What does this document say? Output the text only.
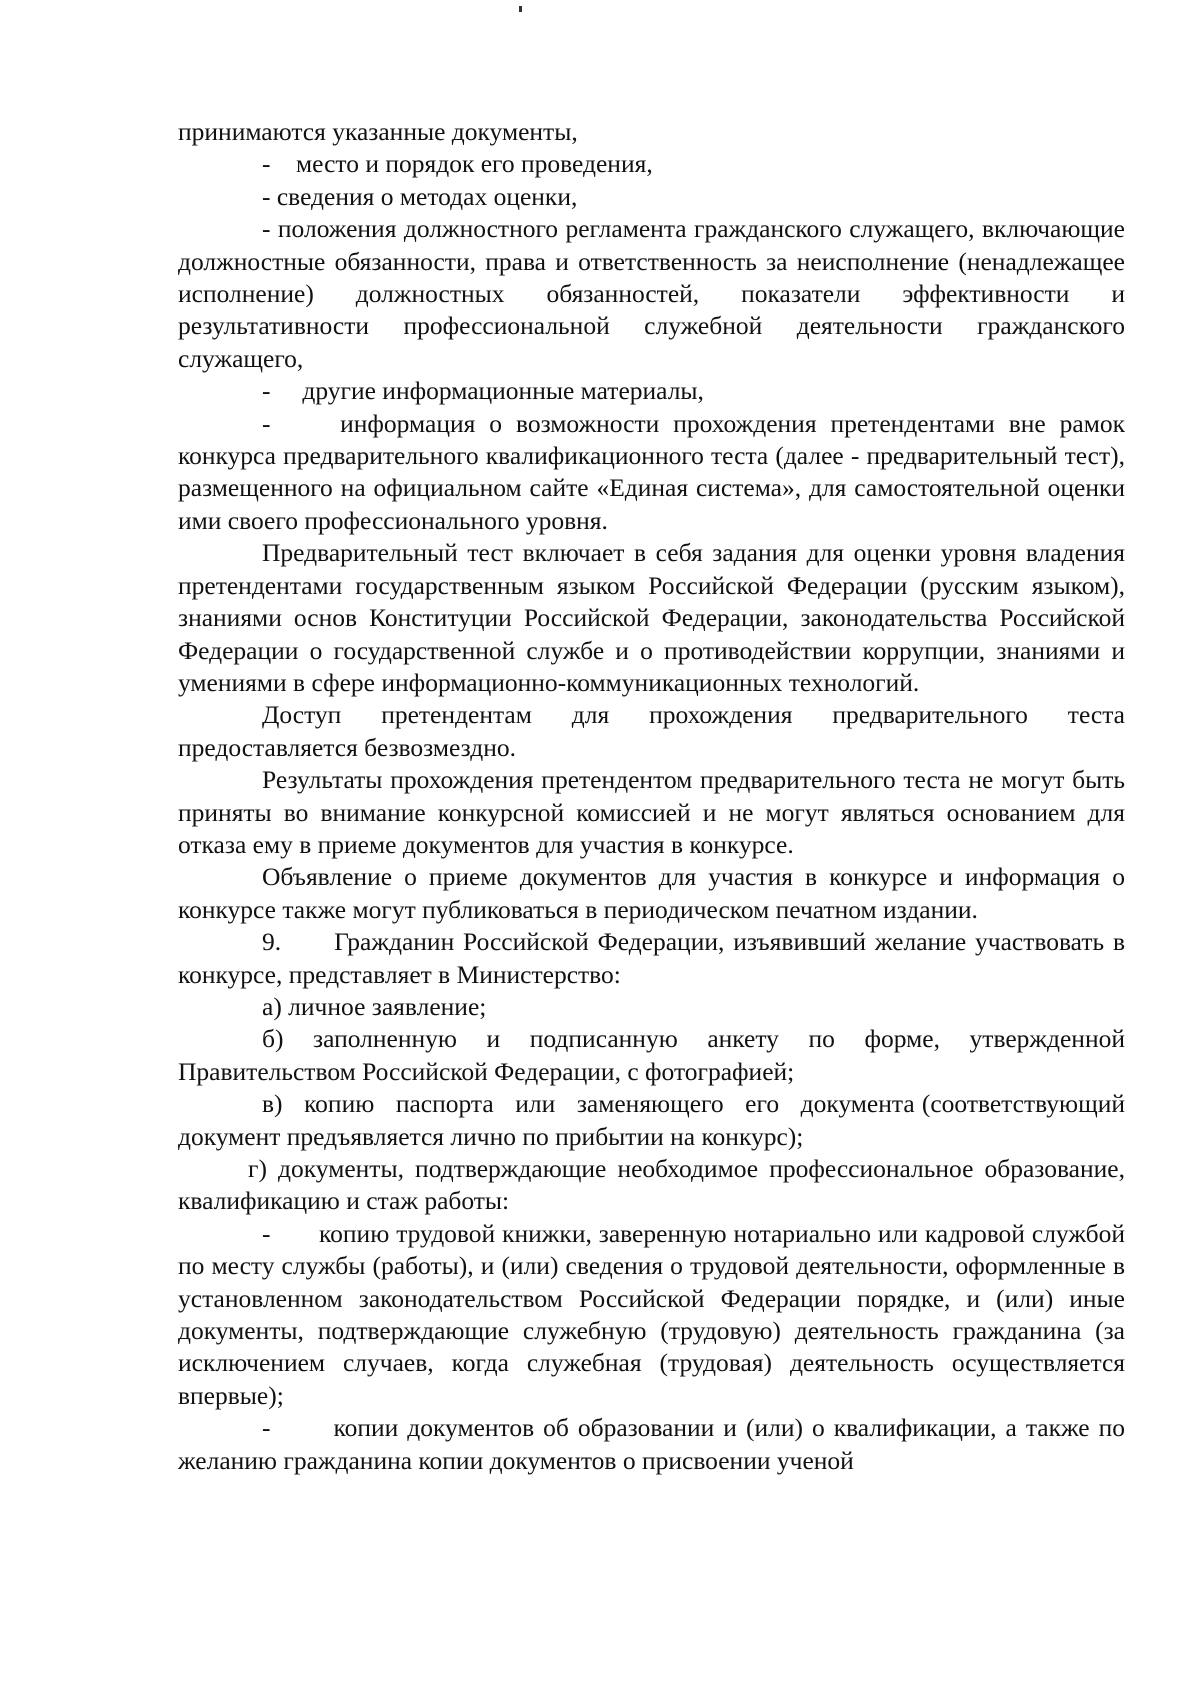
принимаются указанные документы,

-    место и порядок его проведения,

- сведения о методах оценки,

- положения должностного регламента гражданского служащего, включающие должностные обязанности, права и ответственность за неисполнение (ненадлежащее исполнение) должностных обязанностей, показатели эффективности и результативности профессиональной служебной деятельности гражданского служащего,

-     другие информационные материалы,

-     информация о возможности прохождения претендентами вне рамок конкурса предварительного квалификационного теста (далее - предварительный тест), размещенного на официальном сайте «Единая система», для самостоятельной оценки ими своего профессионального уровня.

Предварительный тест включает в себя задания для оценки уровня владения претендентами государственным языком Российской Федерации (русским языком), знаниями основ Конституции Российской Федерации, законодательства Российской Федерации о государственной службе и о противодействии коррупции, знаниями и умениями в сфере информационно-коммуникационных технологий.

Доступ претендентам для прохождения предварительного теста предоставляется безвозмездно.

Результаты прохождения претендентом предварительного теста не могут быть приняты во внимание конкурсной комиссией и не могут являться основанием для отказа ему в приеме документов для участия в конкурсе.

Объявление о приеме документов для участия в конкурсе и информация о конкурсе также могут публиковаться в периодическом печатном издании.

9.      Гражданин Российской Федерации, изъявивший желание участвовать в конкурсе, представляет в Министерство:

а) личное заявление;

б) заполненную и подписанную анкету по форме, утвержденной Правительством Российской Федерации, с фотографией;

в)   копию   паспорта   или   заменяющего   его   документа (соответствующий документ предъявляется лично по прибытии на конкурс);

г) документы, подтверждающие необходимое профессиональное образование, квалификацию и стаж работы:

-       копию трудовой книжки, заверенную нотариально или кадровой службой по месту службы (работы), и (или) сведения о трудовой деятельности, оформленные в установленном законодательством Российской Федерации порядке, и (или) иные документы, подтверждающие служебную (трудовую) деятельность гражданина (за исключением случаев, когда служебная (трудовая) деятельность осуществляется впервые);

-       копии документов об образовании и (или) о квалификации, а также по желанию гражданина копии документов о присвоении ученой
